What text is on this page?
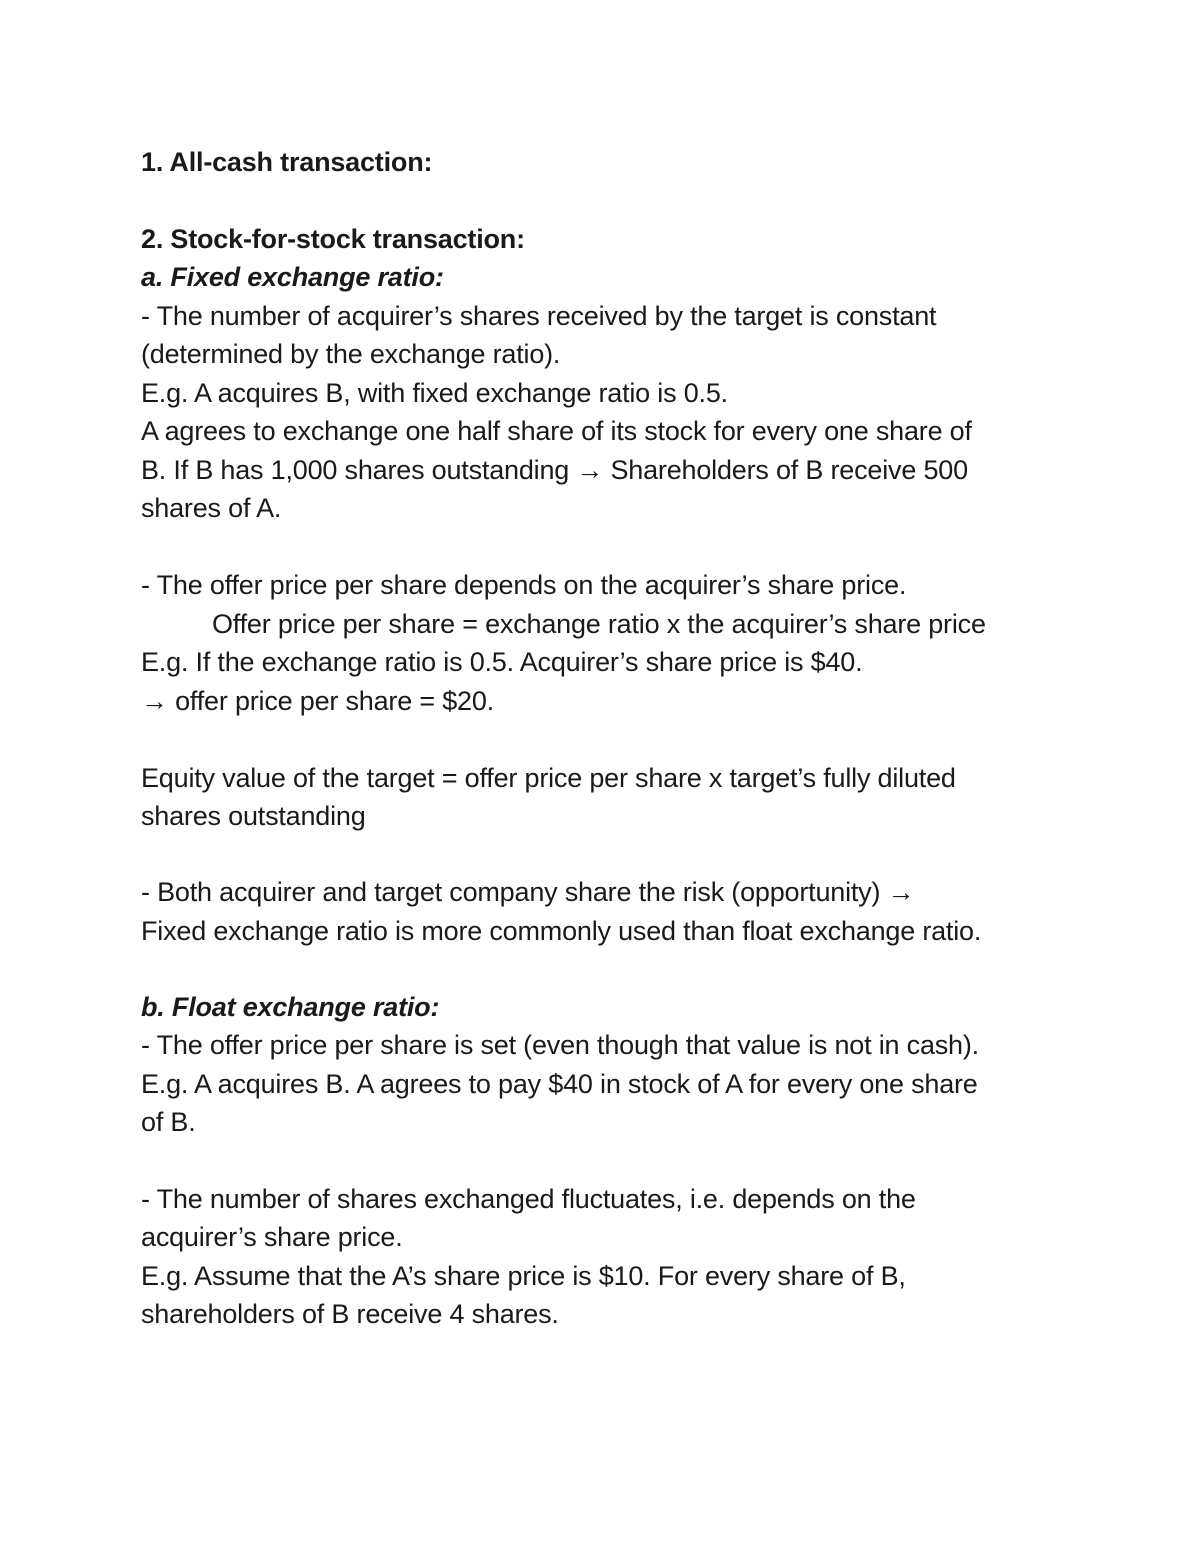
1. All-cash transaction:
2. Stock-for-stock transaction:
a. Fixed exchange ratio:
- The number of acquirer’s shares received by the target is constant
(determined by the exchange ratio).
E.g. A acquires B, with fixed exchange ratio is 0.5.
A agrees to exchange one half share of its stock for every one share of
B. If B has 1,000 shares outstanding → Shareholders of B receive 500
shares of A.
- The offer price per share depends on the acquirer’s share price.
Offer price per share = exchange ratio x the acquirer’s share price
E.g. If the exchange ratio is 0.5. Acquirer’s share price is $40.
→ offer price per share = $20.
Equity value of the target = offer price per share x target’s fully diluted
shares outstanding
- Both acquirer and target company share the risk (opportunity) →
Fixed exchange ratio is more commonly used than float exchange ratio.
b. Float exchange ratio:
- The offer price per share is set (even though that value is not in cash).
E.g. A acquires B. A agrees to pay $40 in stock of A for every one share
of B.
- The number of shares exchanged fluctuates, i.e. depends on the
acquirer’s share price.
E.g. Assume that the A’s share price is $10. For every share of B,
shareholders of B receive 4 shares.
